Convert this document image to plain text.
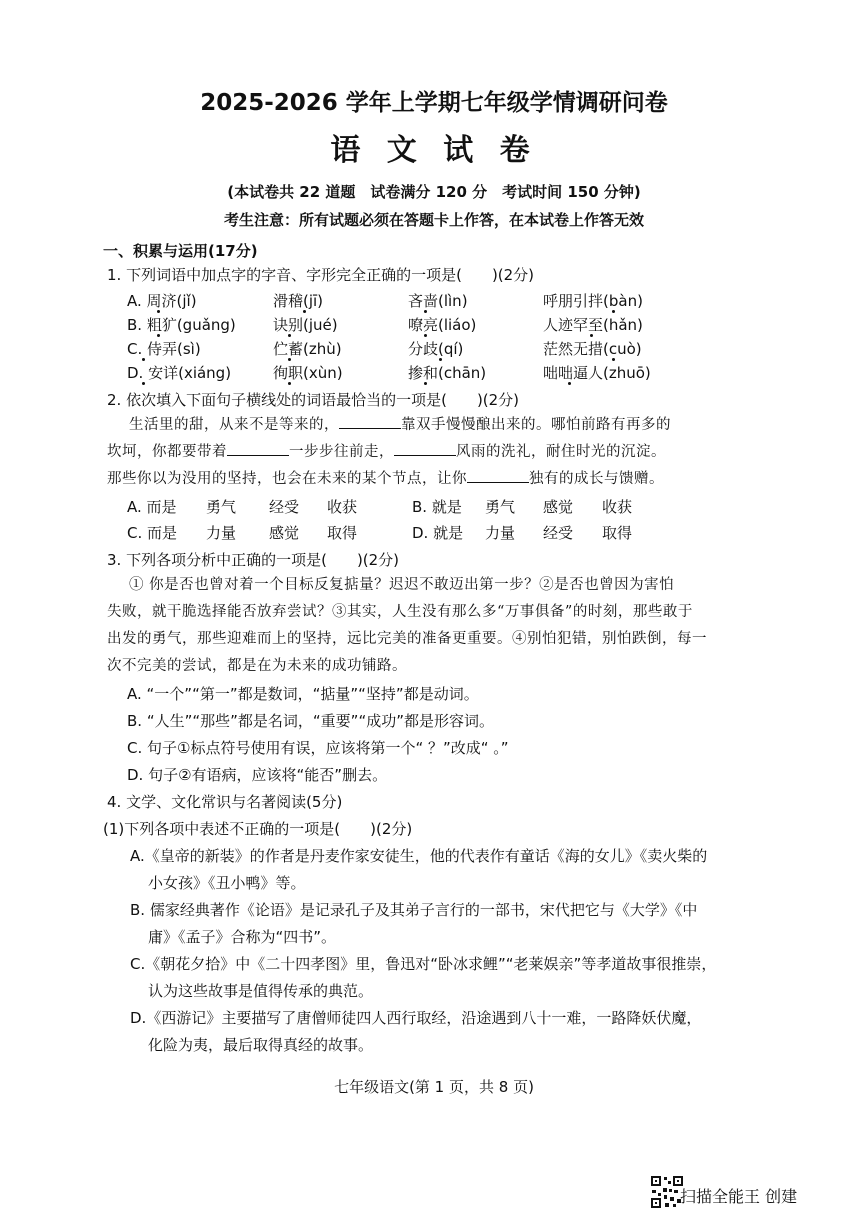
2025-2026 学年上学期七年级学情调研问卷
语 文 试 卷
(本试卷共 22 道题　试卷满分 120 分　考试时间 150 分钟)
考生注意：所有试题必须在答题卡上作答，在本试卷上作答无效
一、积累与运用(17分)
1. 下列词语中加点字的字音、字形完全正确的一项是( )(2分)
A. 周济(jǐ)	滑稽(jī)	吝啬(lìn)	呼朋引拌(bàn)
B. 粗犷(guǎng) 诀别(jué)	嘹亮(liáo)	人迹罕至(hǎn)
C. 侍弄(sì)	伫蓄(zhù)	分歧(qí)	茫然无措(cuò)
D. 安详(xiáng)	徇职(xùn)	掺和(chān)	咄咄逼人(zhuō)
2. 依次填入下面句子横线处的词语最恰当的一项是( )(2分)
生活里的甜，从来不是等来的，	靠双手慢慢酿出来的。哪怕前路有再多的
坎坷，你都要带着	一步步往前走，	风雨的洗礼，耐住时光的沉淀。
那些你以为没用的坚持，也会在未来的某个节点，让你	独有的成长与馈赠。
A. 而是 勇气 经受 收获	B. 就是 勇气 感觉 收获
C. 而是 力量 感觉 取得	D. 就是 力量 经受 取得
3. 下列各项分析中正确的一项是( )(2分)
① 你是否也曾对着一个目标反复掂量？迟迟不敢迈出第一步？②是否也曾因为害怕
失败，就干脆选择能否放弃尝试？③其实，人生没有那么多“万事俱备”的时刻，那些敢于
出发的勇气，那些迎难而上的坚持，远比完美的准备更重要。④别怕犯错，别怕跌倒，每一
次不完美的尝试，都是在为未来的成功铺路。
A. “一个”“第一”都是数词，“掂量”“坚持”都是动词。
B. “人生”“那些”都是名词，“重要”“成功”都是形容词。
C. 句子①标点符号使用有误，应该将第一个“ ？”改成“ 。”
D. 句子②有语病，应该将“能否”删去。
4. 文学、文化常识与名著阅读(5分)
(1)下列各项中表述不正确的一项是( )(2分)
A.《皇帝的新装》的作者是丹麦作家安徒生，他的代表作有童话《海的女儿》《卖火柴的
小女孩》《丑小鸭》等。
B. 儒家经典著作《论语》是记录孔子及其弟子言行的一部书，宋代把它与《大学》《中
庸》《孟子》合称为“四书”。
C.《朝花夕拾》中《二十四孝图》里，鲁迅对“卧冰求鲤”“老莱娱亲”等孝道故事很推崇，
认为这些故事是值得传承的典范。
D.《西游记》主要描写了唐僧师徒四人西行取经，沿途遇到八十一难，一路降妖伏魔，
化险为夷，最后取得真经的故事。
七年级语文(第 1 页，共 8 页)
扫描全能王 创建
